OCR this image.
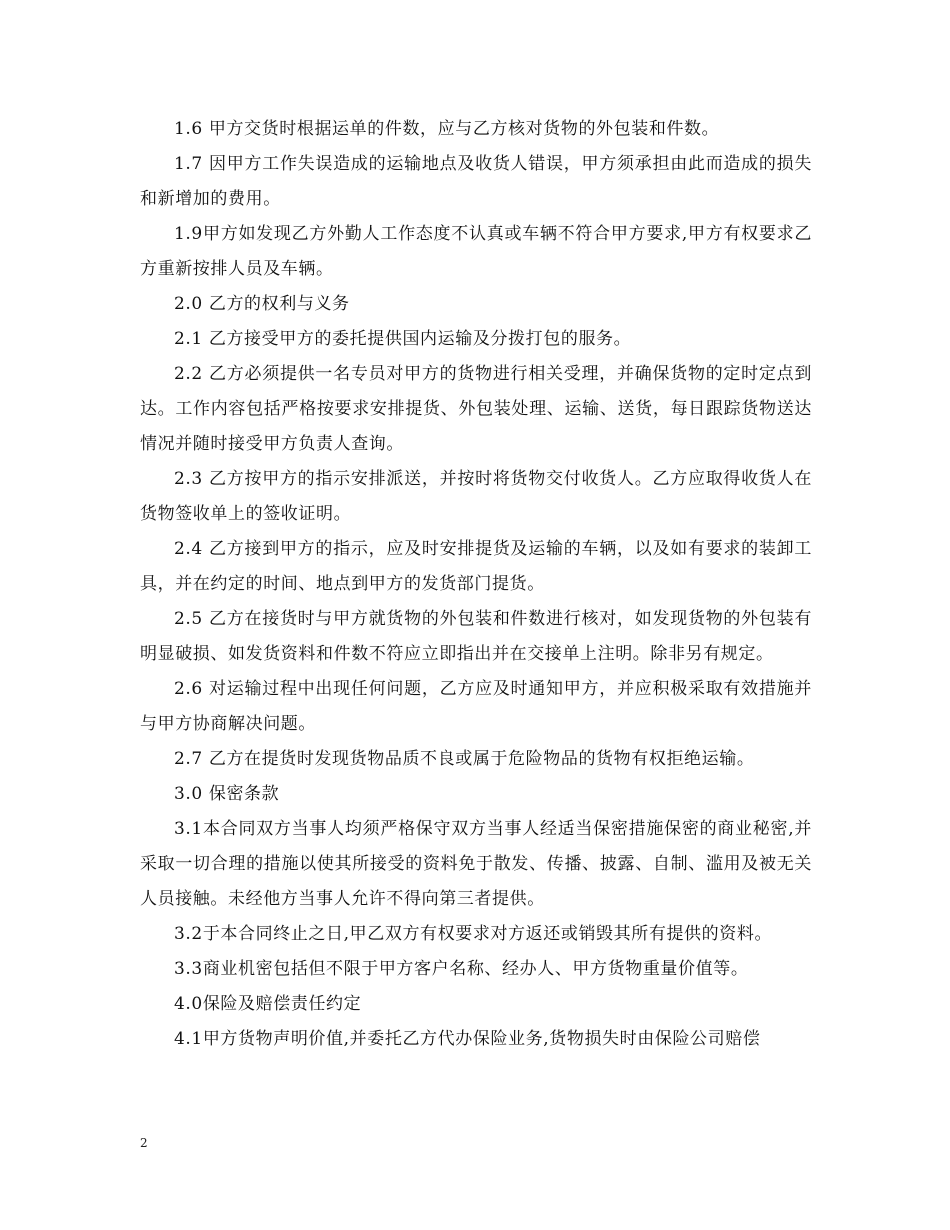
1.6 甲方交货时根据运单的件数，应与乙方核对货物的外包装和件数。

1.7 因甲方工作失误造成的运输地点及收货人错误，甲方须承担由此而造成的损失和新增加的费用。

1.9甲方如发现乙方外勤人工作态度不认真或车辆不符合甲方要求,甲方有权要求乙方重新按排人员及车辆。

2.0 乙方的权利与义务

2.1 乙方接受甲方的委托提供国内运输及分拨打包的服务。

2.2 乙方必须提供一名专员对甲方的货物进行相关受理，并确保货物的定时定点到达。工作内容包括严格按要求安排提货、外包装处理、运输、送货，每日跟踪货物送达情况并随时接受甲方负责人查询。

2.3 乙方按甲方的指示安排派送，并按时将货物交付收货人。乙方应取得收货人在货物签收单上的签收证明。

2.4 乙方接到甲方的指示，应及时安排提货及运输的车辆，以及如有要求的装卸工具，并在约定的时间、地点到甲方的发货部门提货。

2.5 乙方在接货时与甲方就货物的外包装和件数进行核对，如发现货物的外包装有明显破损、如发货资料和件数不符应立即指出并在交接单上注明。除非另有规定。

2.6 对运输过程中出现任何问题，乙方应及时通知甲方，并应积极采取有效措施并与甲方协商解决问题。

2.7 乙方在提货时发现货物品质不良或属于危险物品的货物有权拒绝运输。

3.0 保密条款

3.1本合同双方当事人均须严格保守双方当事人经适当保密措施保密的商业秘密,并采取一切合理的措施以使其所接受的资料免于散发、传播、披露、自制、滥用及被无关人员接触。未经他方当事人允许不得向第三者提供。

3.2于本合同终止之日,甲乙双方有权要求对方返还或销毁其所有提供的资料。

3.3商业机密包括但不限于甲方客户名称、经办人、甲方货物重量价值等。

4.0保险及赔偿责任约定

4.1甲方货物声明价值,并委托乙方代办保险业务,货物损失时由保险公司赔偿

2
